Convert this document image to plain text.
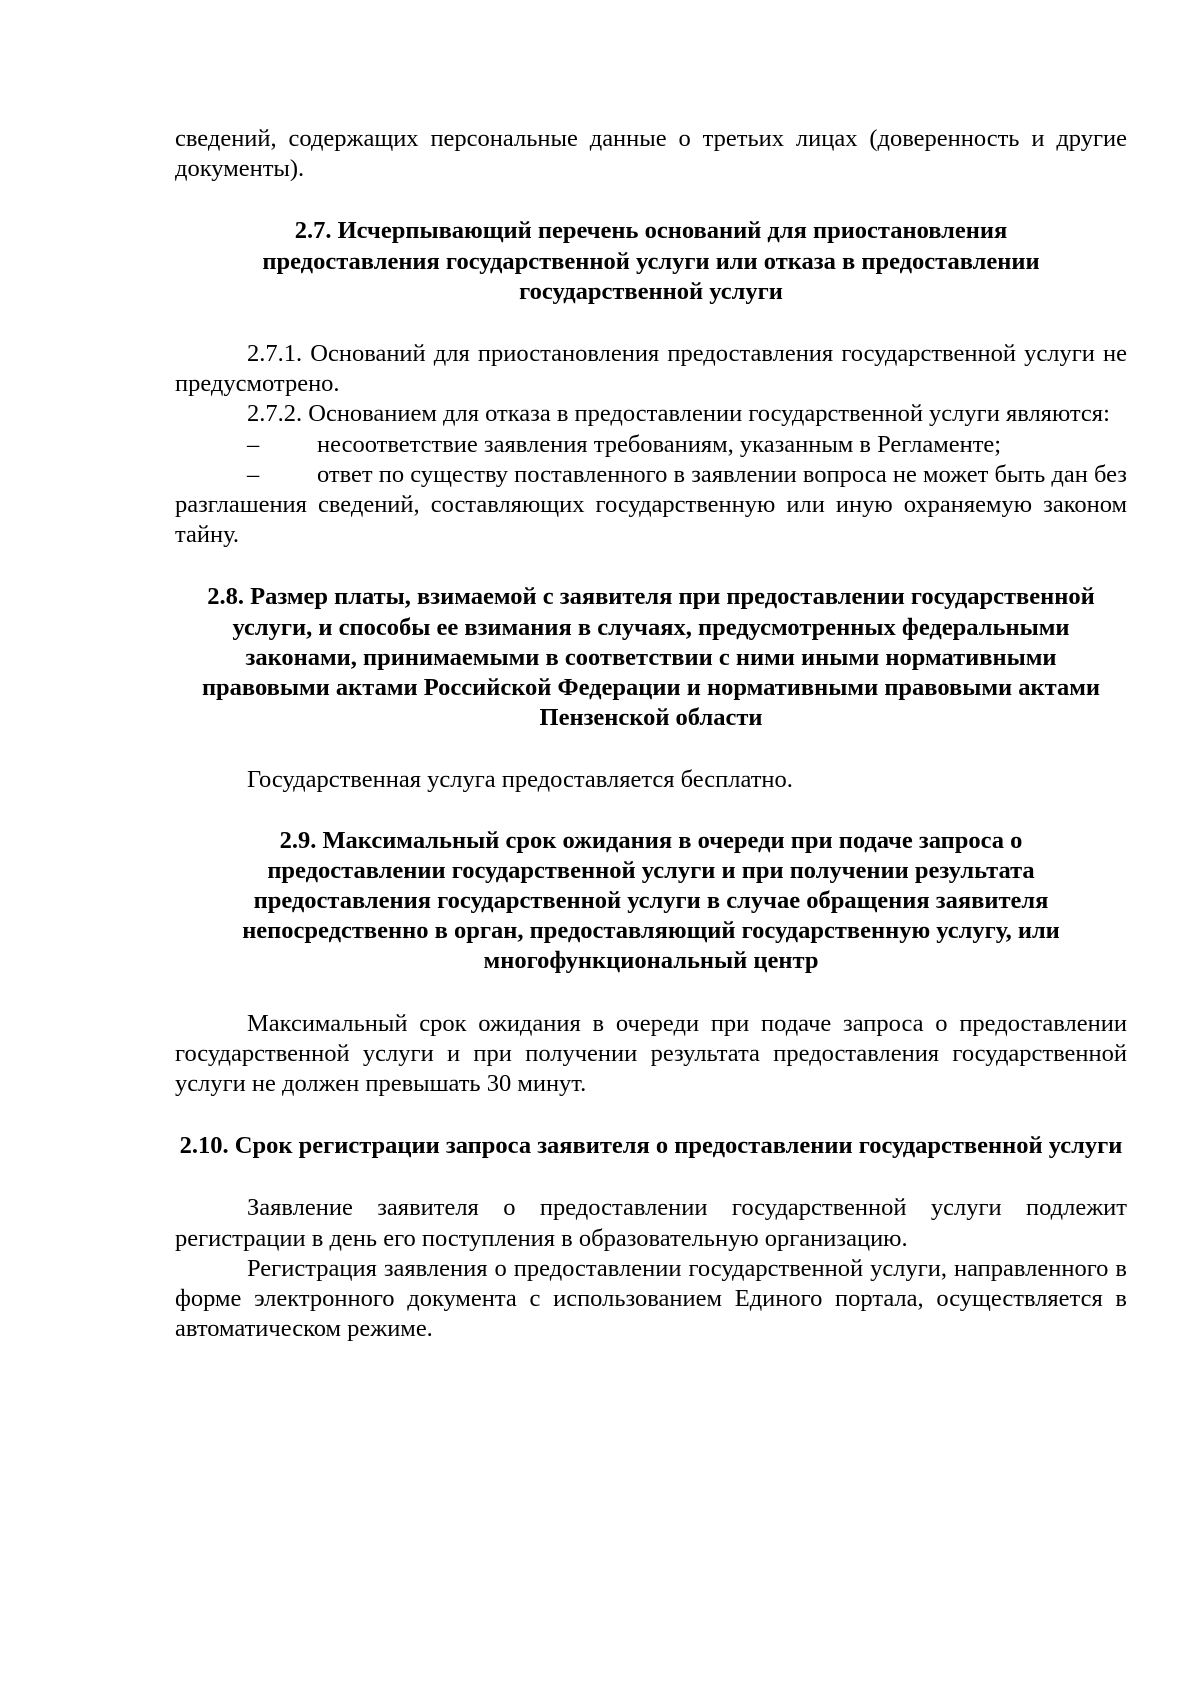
сведений, содержащих персональные данные о третьих лицах (доверенность и другие документы).

2.7. Исчерпывающий перечень оснований для приостановления предоставления государственной услуги или отказа в предоставлении государственной услуги

2.7.1. Оснований для приостановления предоставления государственной услуги не предусмотрено.

2.7.2. Основанием для отказа в предоставлении государственной услуги являются:

– несоответствие заявления требованиям, указанным в Регламенте;
– ответ по существу поставленного в заявлении вопроса не может быть дан без разглашения сведений, составляющих государственную или иную охраняемую законом тайну.
2.8. Размер платы, взимаемой с заявителя при предоставлении государственной услуги, и способы ее взимания в случаях, предусмотренных федеральными законами, принимаемыми в соответствии с ними иными нормативными правовыми актами Российской Федерации и нормативными правовыми актами Пензенской области

Государственная услуга предоставляется бесплатно.

2.9. Максимальный срок ожидания в очереди при подаче запроса о предоставлении государственной услуги и при получении результата предоставления государственной услуги в случае обращения заявителя непосредственно в орган, предоставляющий государственную услугу, или многофункциональный центр

Максимальный срок ожидания в очереди при подаче запроса о предоставлении государственной услуги и при получении результата предоставления государственной услуги не должен превышать 30 минут.

2.10. Срок регистрации запроса заявителя о предоставлении государственной услуги

Заявление заявителя о предоставлении государственной услуги подлежит регистрации в день его поступления в образовательную организацию.

Регистрация заявления о предоставлении государственной услуги, направленного в форме электронного документа с использованием Единого портала, осуществляется в автоматическом режиме.
